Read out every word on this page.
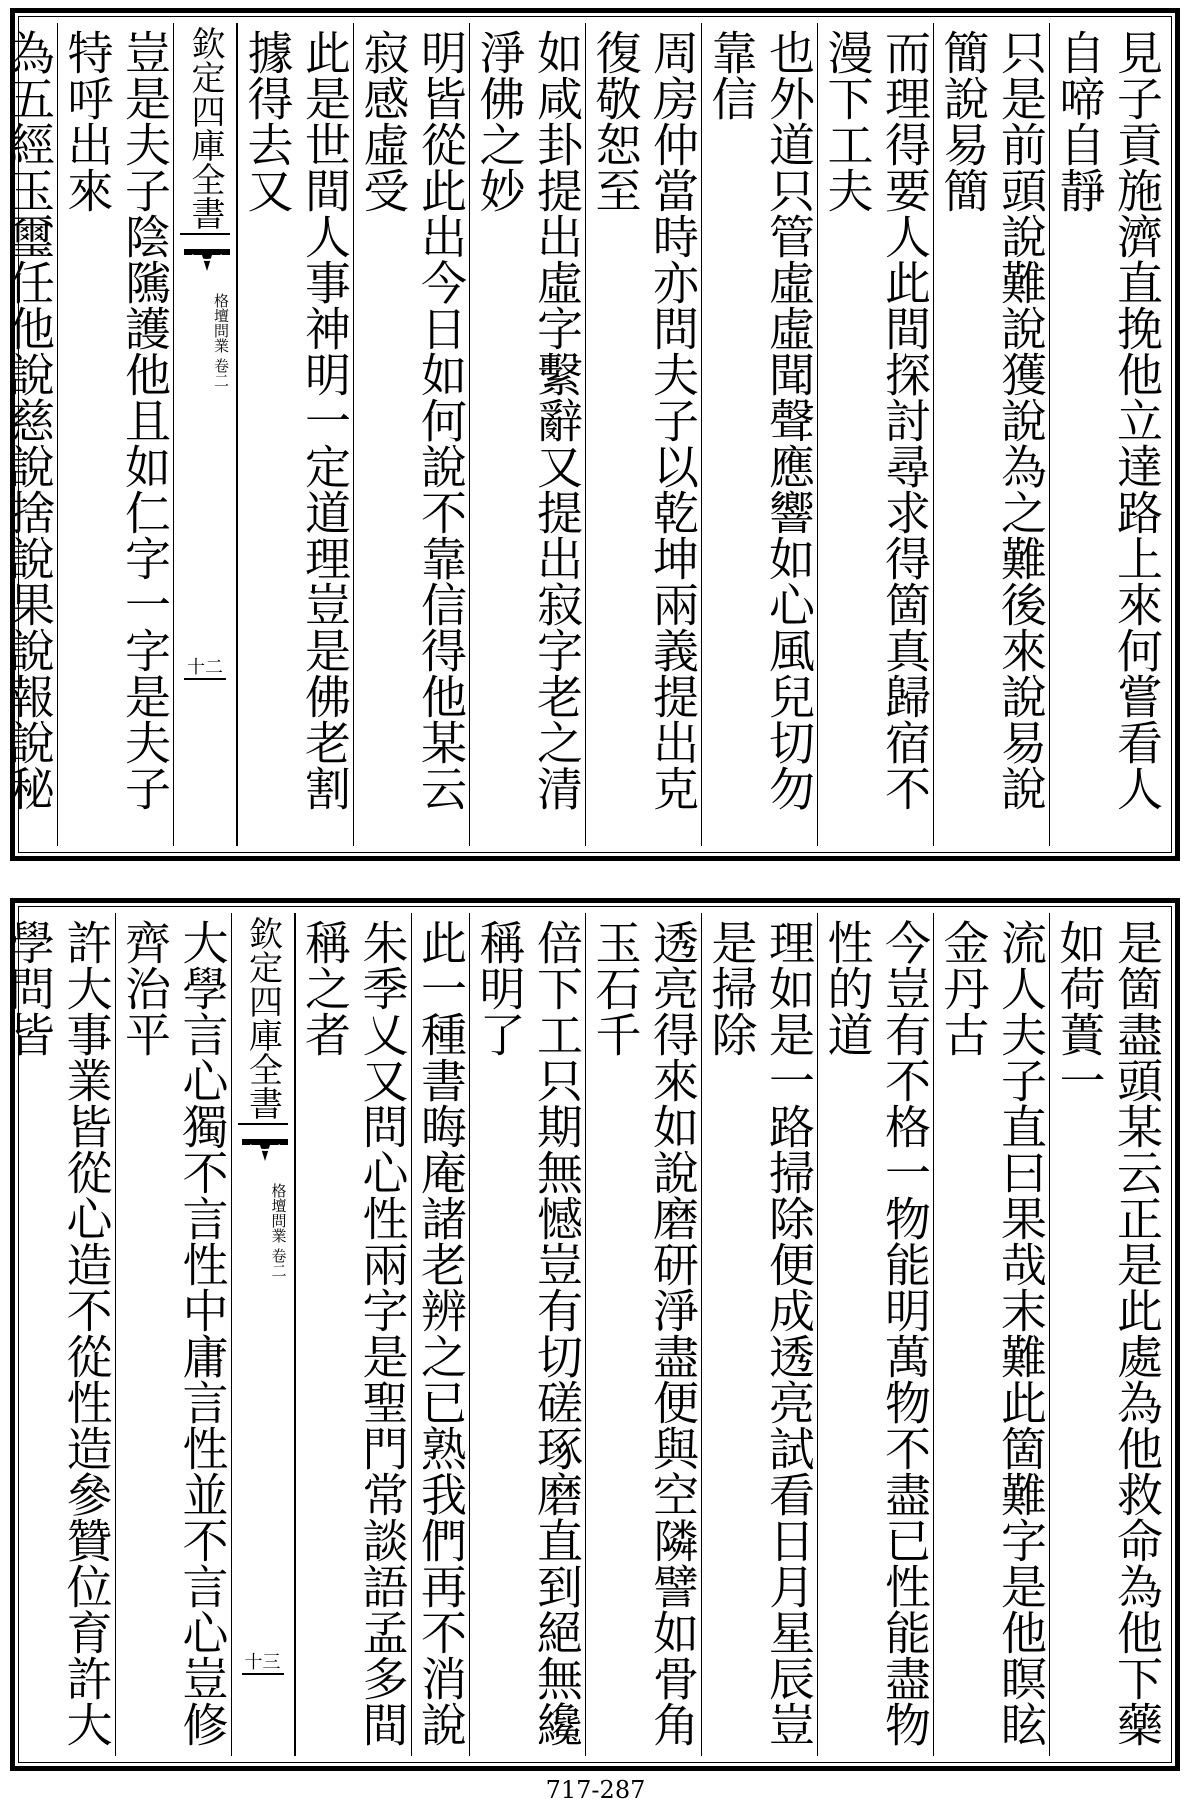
見子貢施濟直挽他立達路上來何嘗看人自啼自靜
只是前頭說難說獲說為之難後來說易說簡說易簡
而理得要人此間探討尋求得箇真歸宿不漫下工夫
也外道只管虛虛聞聲應響如心風兒切勿靠信
周房仲當時亦問夫子以乾坤兩義提出克復敬恕至
如咸卦提出虛字繫辭又提出寂字老之清淨佛之妙
明皆從此出今日如何說不靠信得他某云寂感虛受
此是世間人事神明一定道理豈是佛老割據得去又
欽定四庫全書
格壇問業 卷二
十二
豈是夫子陰隲護他且如仁字一字是夫子特呼出來
為五經玉璽任他說慈說捨說果說報說秘
是箇盡頭某云正是此處為他救命為他下藥如荷蕢一
流人夫子直曰果哉末難此箇難字是他瞑眩金丹古
今豈有不格一物能明萬物不盡已性能盡物性的道
理如是一路掃除便成透亮試看日月星辰豈是掃除
透亮得來如說磨研淨盡便與空隣譬如骨角玉石千
倍下工只期無憾豈有切磋琢磨直到絕無纔稱明了
此一種書晦庵諸老辨之已熟我們再不消說
朱季乂又問心性兩字是聖門常談語孟多間稱之者
欽定四庫全書
格壇問業 卷二
十三
大學言心獨不言性中庸言性並不言心豈修齊治平
許大事業皆從心造不從性造參贊位育許大學問皆
717-287
